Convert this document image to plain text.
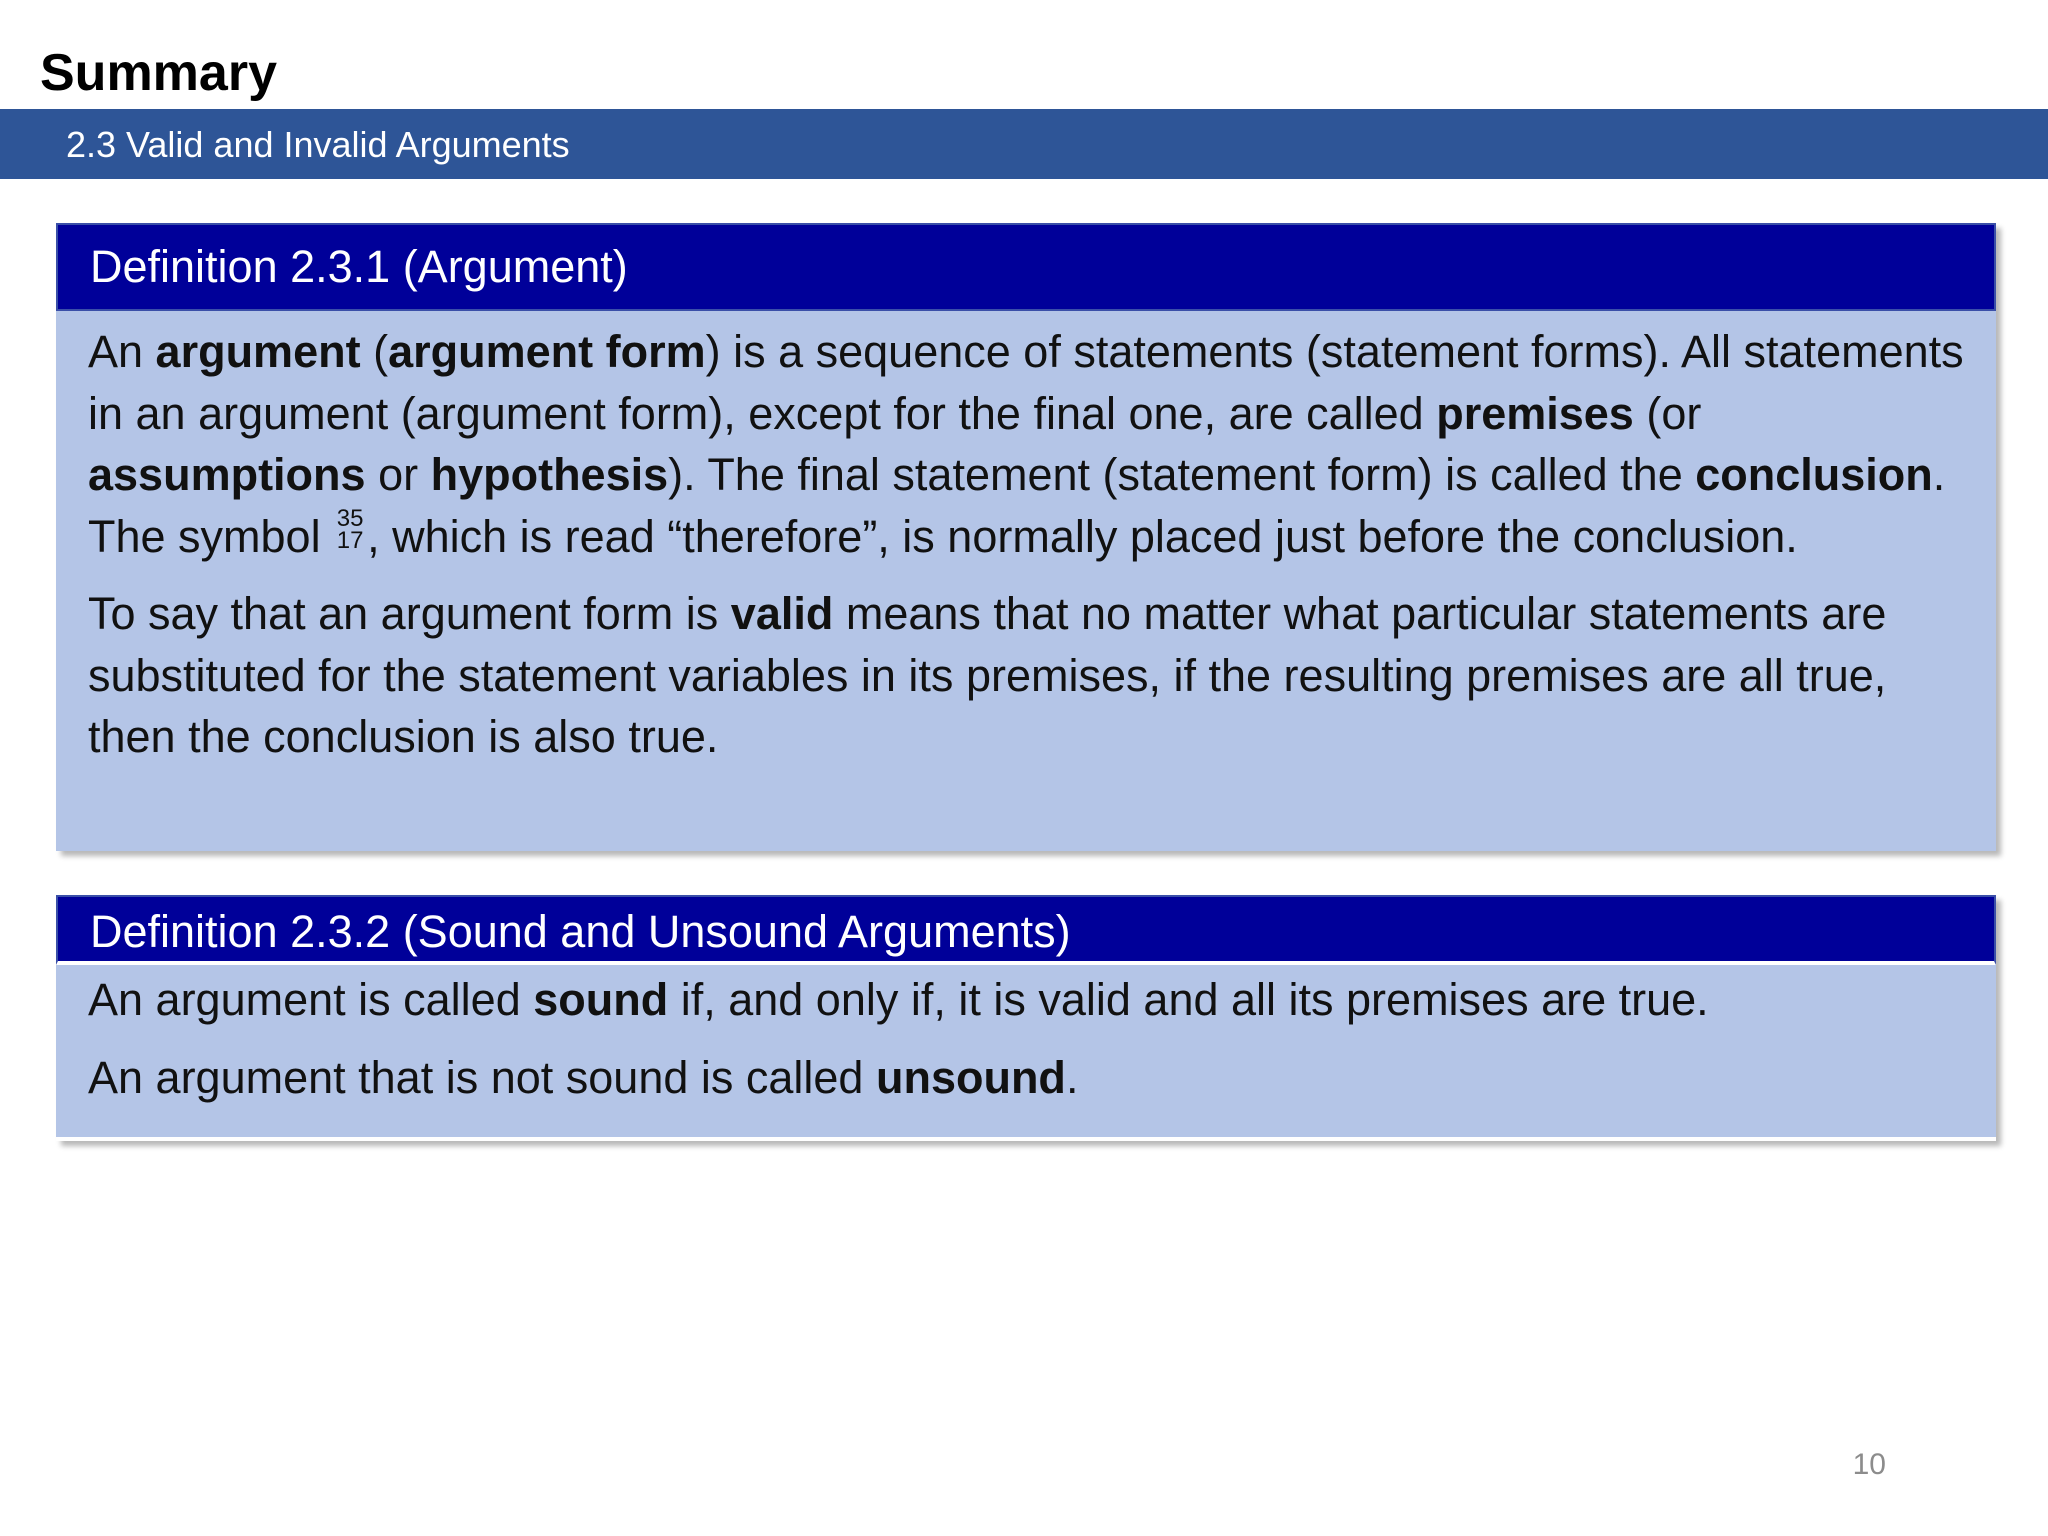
Summary
2.3 Valid and Invalid Arguments
Definition 2.3.1 (Argument)

An argument (argument form) is a sequence of statements (statement forms). All statements in an argument (argument form), except for the final one, are called premises (or assumptions or hypothesis). The final statement (statement form) is called the conclusion. The symbol 35
17 , which is read “therefore”, is normally placed just before the conclusion.

To say that an argument form is valid means that no matter what particular statements are substituted for the statement variables in its premises, if the resulting premises are all true, then the conclusion is also true.

Definition 2.3.2 (Sound and Unsound Arguments)

An argument is called sound if, and only if, it is valid and all its premises are true.

An argument that is not sound is called unsound.

10
